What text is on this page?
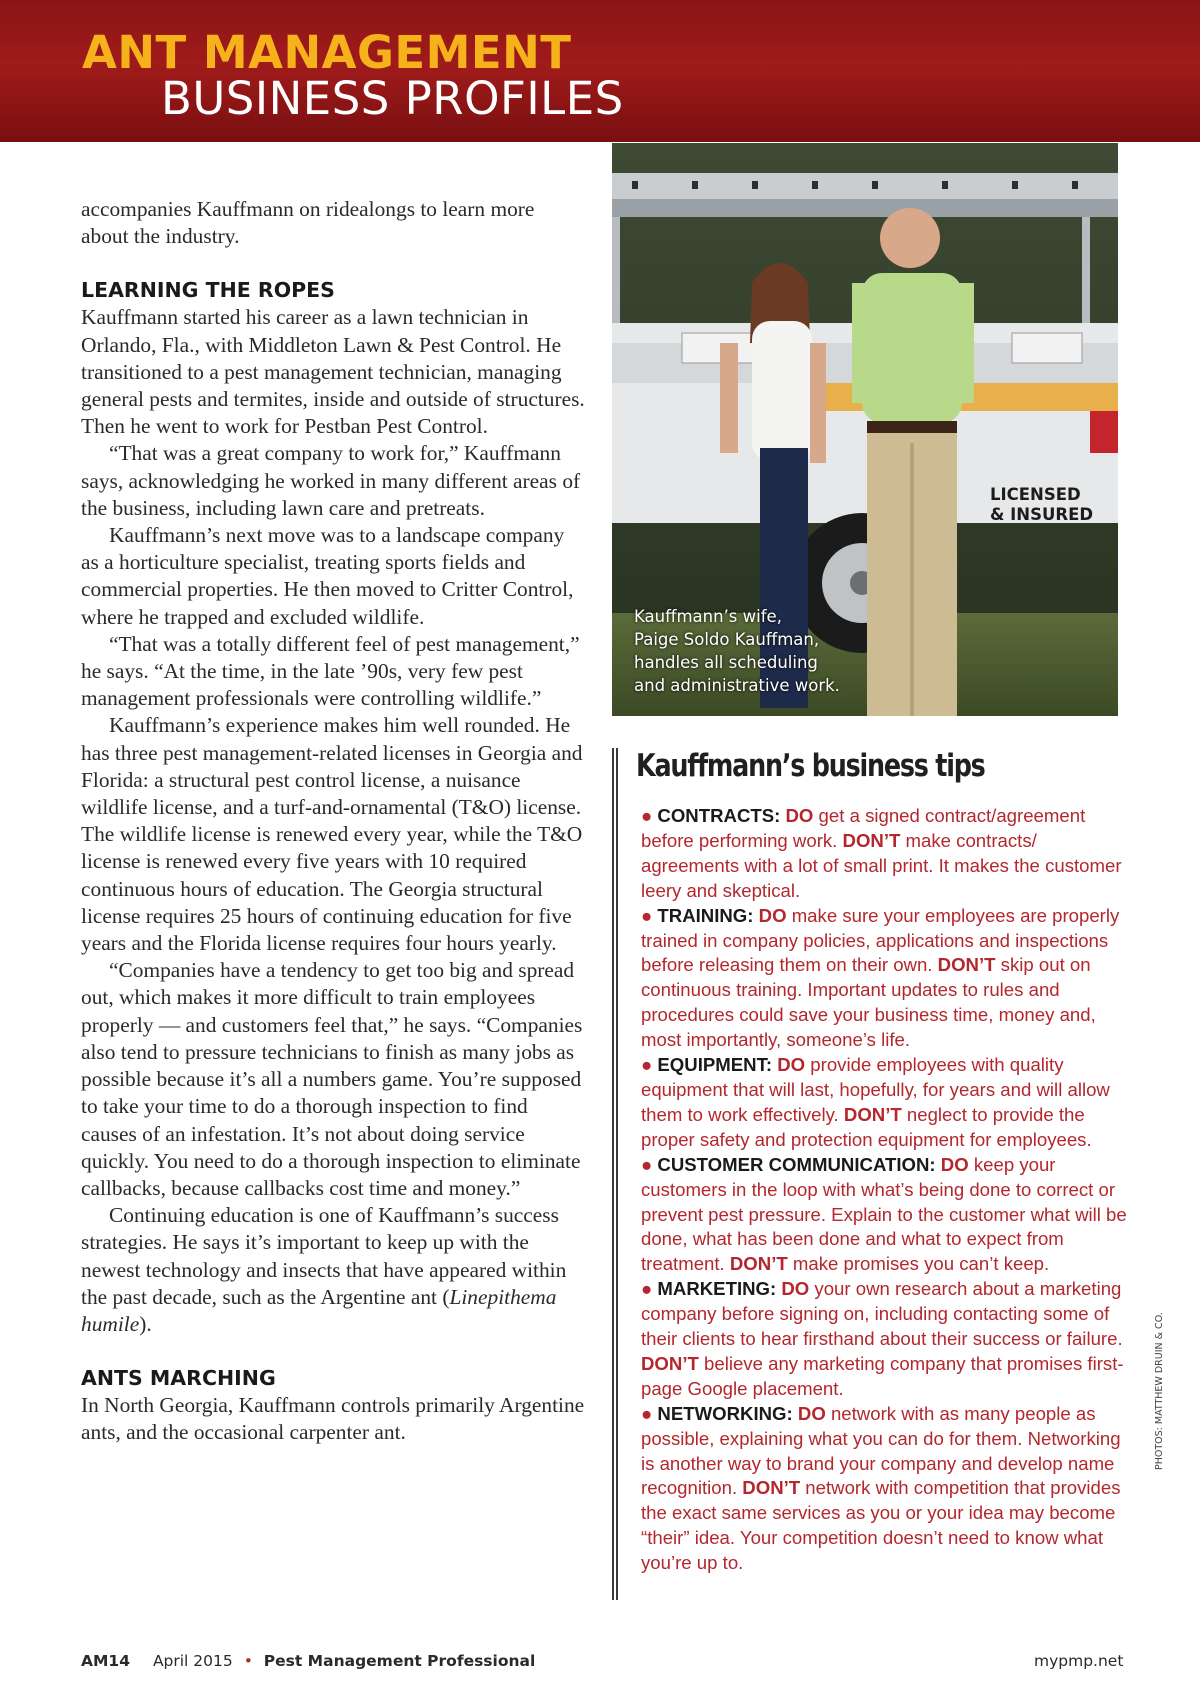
ANT MANAGEMENT
BUSINESS PROFILES

accompanies Kauffmann on ridealongs to learn more about the industry.

LEARNING THE ROPES

Kauffmann started his career as a lawn technician in Orlando, Fla., with Middleton Lawn & Pest Control. He transitioned to a pest management technician, managing general pests and termites, inside and outside of structures. Then he went to work for Pestban Pest Control.

“That was a great company to work for,” Kauffmann says, acknowledging he worked in many different areas of the business, including lawn care and pretreats.

Kauffmann’s next move was to a landscape company as a horticulture specialist, treating sports fields and commercial properties. He then moved to Critter Control, where he trapped and excluded wildlife.

“That was a totally different feel of pest management,” he says. “At the time, in the late ’90s, very few pest management professionals were controlling wildlife.”

Kauffmann’s experience makes him well rounded. He has three pest management-related licenses in Georgia and Florida: a structural pest control license, a nuisance wildlife license, and a turf-and-ornamental (T&O) license. The wildlife license is renewed every year, while the T&O license is renewed every five years with 10 required continuous hours of education. The Georgia structural license requires 25 hours of continuing education for five years and the Florida license requires four hours yearly.

“Companies have a tendency to get too big and spread out, which makes it more difficult to train employees properly — and customers feel that,” he says. “Companies also tend to pressure technicians to finish as many jobs as possible because it’s all a numbers game. You’re supposed to take your time to do a thorough inspection to find causes of an infestation. It’s not about doing service quickly. You need to do a thorough inspection to eliminate callbacks, because callbacks cost time and money.”

Continuing education is one of Kauffmann’s success strategies. He says it’s important to keep up with the newest technology and insects that have appeared within the past decade, such as the Argentine ant (Linepithema humile).

ANTS MARCHING

In North Georgia, Kauffmann controls primarily Argentine ants, and the occasional carpenter ant.

LICENSED
& INSURED
Kauffmann’s wife,
Paige Soldo Kauffman,
handles all scheduling
and administrative work.
Kauffmann’s business tips

● CONTRACTS: DO get a signed contract/agreement before performing work. DON’T make contracts/ agreements with a lot of small print. It makes the customer leery and skeptical.

● TRAINING: DO make sure your employees are properly trained in company policies, applications and inspections before releasing them on their own. DON’T skip out on continuous training. Important updates to rules and procedures could save your business time, money and, most importantly, someone’s life.

● EQUIPMENT: DO provide employees with quality equipment that will last, hopefully, for years and will allow them to work effectively. DON’T neglect to provide the proper safety and protection equipment for employees.

● CUSTOMER COMMUNICATION: DO keep your customers in the loop with what’s being done to correct or prevent pest pressure. Explain to the customer what will be done, what has been done and what to expect from treatment. DON’T make promises you can’t keep.

● MARKETING: DO your own research about a marketing company before signing on, including contacting some of their clients to hear firsthand about their success or failure. DON’T believe any marketing company that promises first-page Google placement.

● NETWORKING: DO network with as many people as possible, explaining what you can do for them. Networking is another way to brand your company and develop name recognition. DON’T network with competition that provides the exact same services as you or your idea may become “their” idea. Your competition doesn’t need to know what you’re up to.

PHOTOS: MATTHEW DRUIN & CO.
AM14 April 2015 • Pest Management Professional	mypmp.net
